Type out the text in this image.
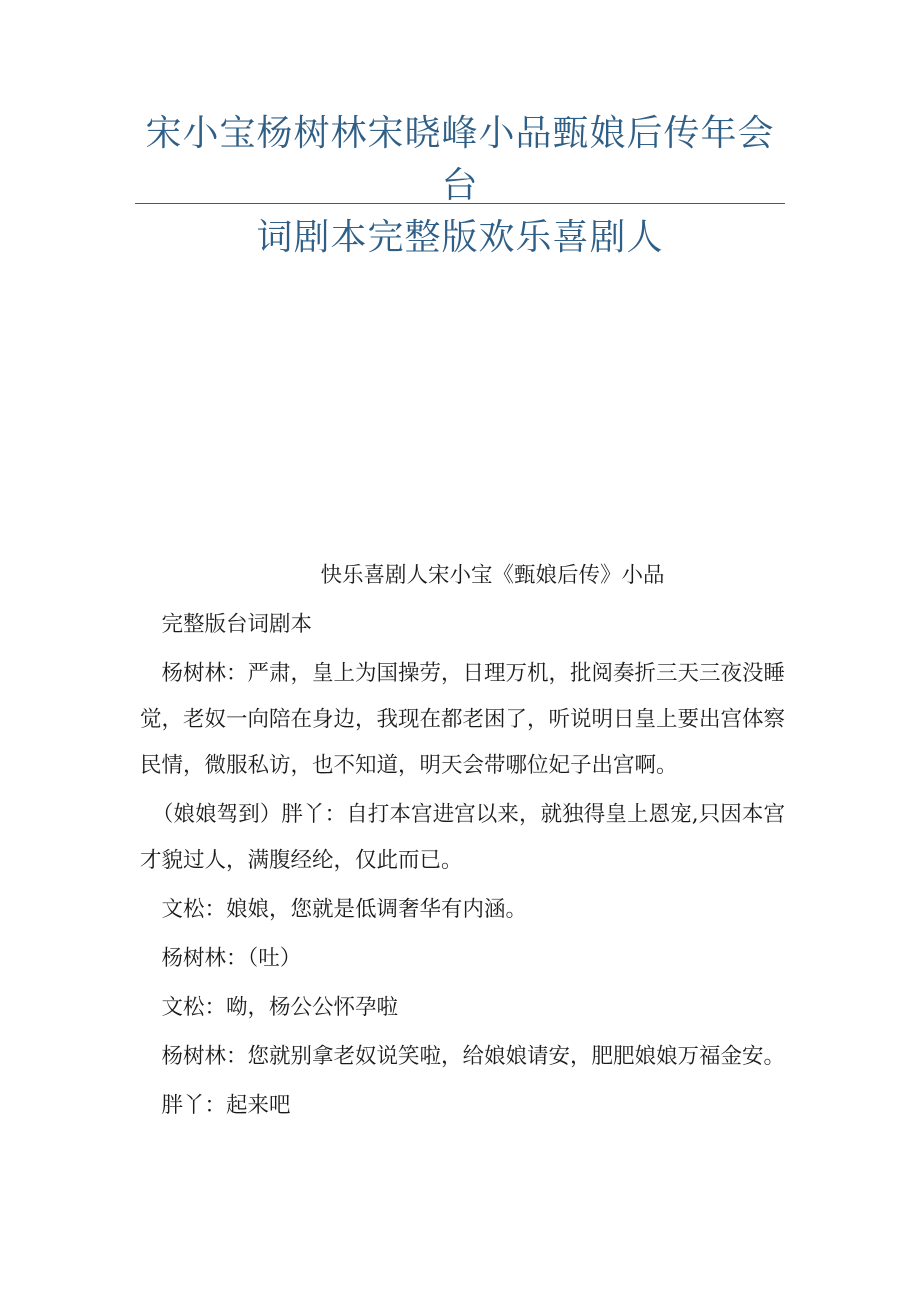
宋小宝杨树林宋晓峰小品甄娘后传年会台
词剧本完整版欢乐喜剧人

快乐喜剧人宋小宝《甄娘后传》小品

完整版台词剧本

杨树林：严肃，皇上为国操劳，日理万机，批阅奏折三天三夜没睡觉，老奴一向陪在身边，我现在都老困了，听说明日皇上要出宫体察民情，微服私访，也不知道，明天会带哪位妃子出宫啊。

（娘娘驾到）胖丫：自打本宫进宫以来，就独得皇上恩宠,只因本宫才貌过人，满腹经纶，仅此而已。

文松：娘娘，您就是低调奢华有内涵。

杨树林：（吐）

文松：呦，杨公公怀孕啦

杨树林：您就别拿老奴说笑啦，给娘娘请安，肥肥娘娘万福金安。

胖丫：起来吧
